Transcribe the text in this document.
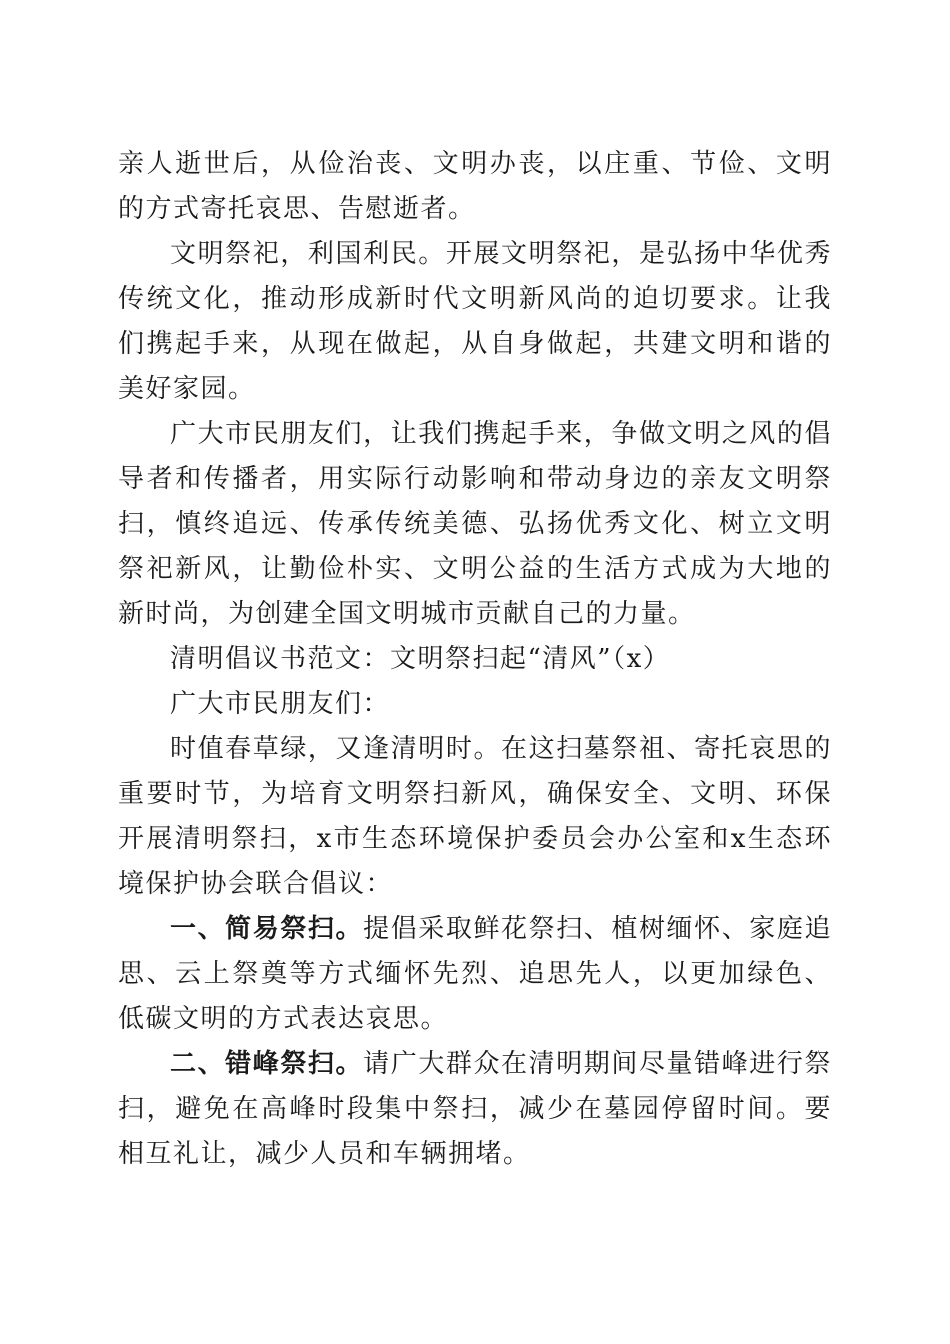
亲人逝世后，从俭治丧、文明办丧，以庄重、节俭、文明的方式寄托哀思、告慰逝者。

文明祭祀，利国利民。开展文明祭祀，是弘扬中华优秀传统文化，推动形成新时代文明新风尚的迫切要求。让我们携起手来，从现在做起，从自身做起，共建文明和谐的美好家园。

广大市民朋友们，让我们携起手来，争做文明之风的倡导者和传播者，用实际行动影响和带动身边的亲友文明祭扫，慎终追远、传承传统美德、弘扬优秀文化、树立文明祭祀新风，让勤俭朴实、文明公益的生活方式成为大地的新时尚，为创建全国文明城市贡献自己的力量。

清明倡议书范文：文明祭扫起“清风”（x）

广大市民朋友们：

时值春草绿，又逢清明时。在这扫墓祭祖、寄托哀思的重要时节，为培育文明祭扫新风，确保安全、文明、环保开展清明祭扫，x市生态环境保护委员会办公室和x生态环境保护协会联合倡议：

一、简易祭扫。提倡采取鲜花祭扫、植树缅怀、家庭追思、云上祭奠等方式缅怀先烈、追思先人，以更加绿色、低碳文明的方式表达哀思。

二、错峰祭扫。请广大群众在清明期间尽量错峰进行祭扫，避免在高峰时段集中祭扫，减少在墓园停留时间。要相互礼让，减少人员和车辆拥堵。
